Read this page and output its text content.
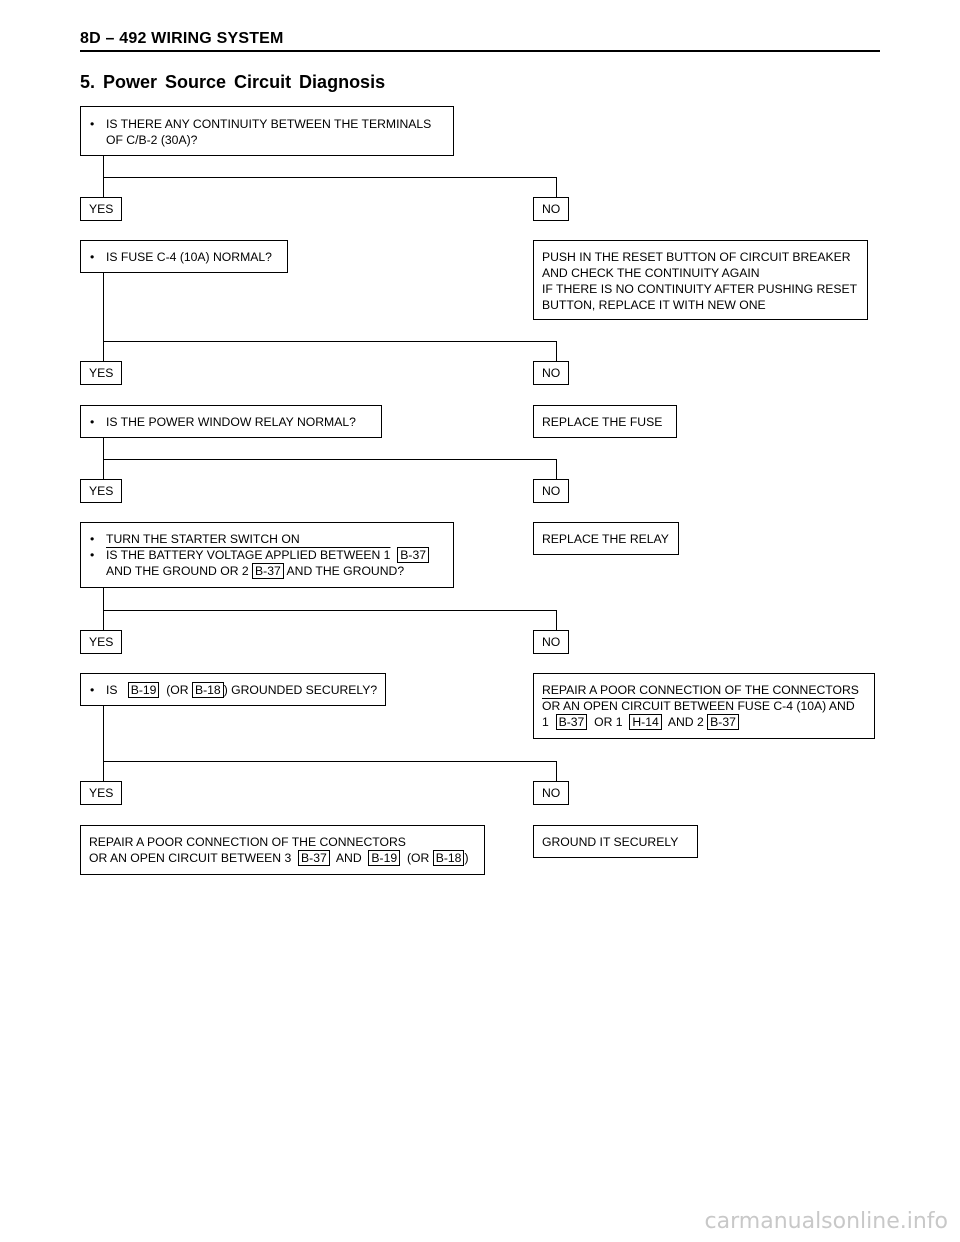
8D – 492 WIRING SYSTEM
5. Power Source Circuit Diagnosis
• IS THERE ANY CONTINUITY BETWEEN THE TERMINALS
OF C/B-2 (30A)?
YES	NO
• IS FUSE C-4 (10A) NORMAL?	PUSH IN THE RESET BUTTON OF CIRCUIT BREAKER
AND CHECK THE CONTINUITY AGAIN
IF THERE IS NO CONTINUITY AFTER PUSHING RESET
BUTTON, REPLACE IT WITH NEW ONE
YES	NO
• IS THE POWER WINDOW RELAY NORMAL?	REPLACE THE FUSE
YES	NO
• TURN THE STARTER SWITCH ON
• IS THE BATTERY VOLTAGE APPLIED BETWEEN 1 B-37
AND THE GROUND OR 2 B-37 AND THE GROUND?
REPLACE THE RELAY
YES	NO
• IS B-19 (OR B-18 ) GROUNDED SECURELY?	REPAIR A POOR CONNECTION OF THE CONNECTORS
OR AN OPEN CIRCUIT BETWEEN FUSE C-4 (10A) AND
1 B-37 OR 1 H-14 AND 2 B-37
YES	NO
REPAIR A POOR CONNECTION OF THE CONNECTORS
OR AN OPEN CIRCUIT BETWEEN 3 B-37 AND B-19 (OR B-18 )
GROUND IT SECURELY
carmanualsonline.info
